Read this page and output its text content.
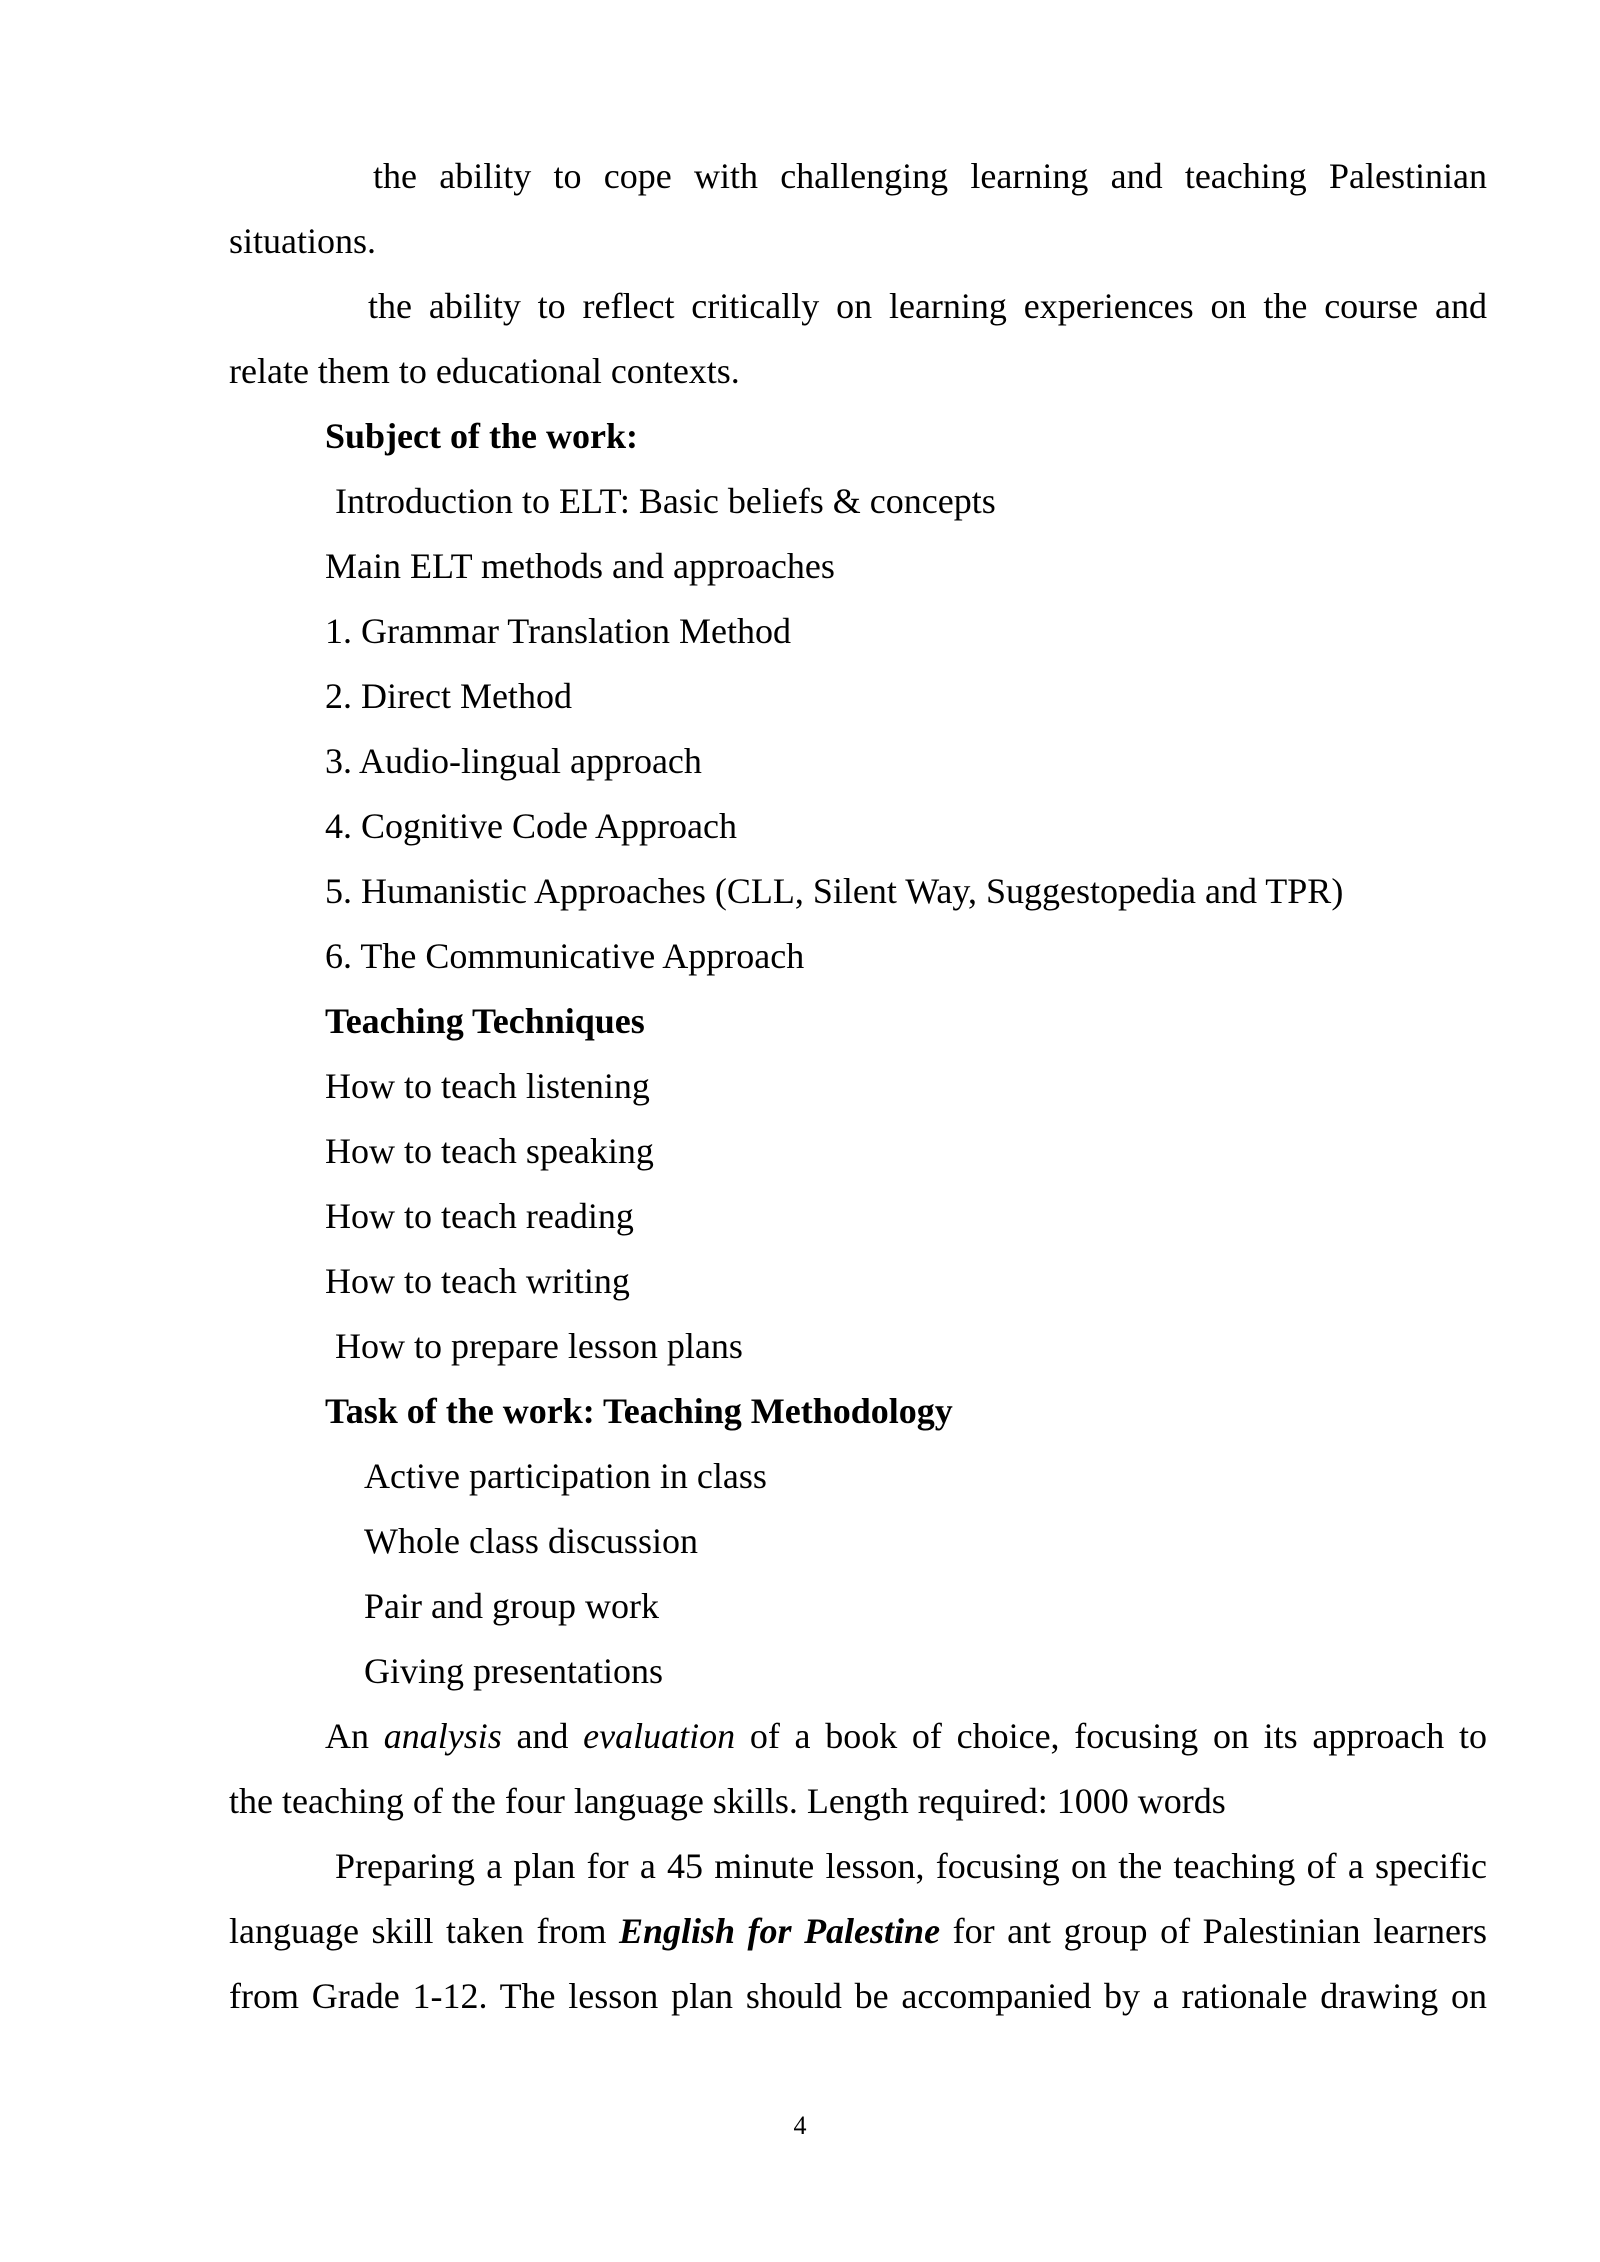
the ability to cope with challenging learning and teaching Palestinian
situations.
the ability to reflect critically on learning experiences on the course and
relate them to educational contexts.
Subject of the work:
Introduction to ELT: Basic beliefs & concepts
Main ELT methods and approaches
1. Grammar Translation Method
2. Direct Method
3. Audio-lingual approach
4. Cognitive Code Approach
5. Humanistic Approaches (CLL, Silent Way, Suggestopedia and TPR)
6. The Communicative Approach
Teaching Techniques
How to teach listening
How to teach speaking
How to teach reading
How to teach writing
How to prepare lesson plans
Task of the work: Teaching Methodology
Active participation in class
Whole class discussion
Pair and group work
Giving presentations
An analysis and evaluation of a book of choice, focusing on its approach to
the teaching of the four language skills. Length required: 1000 words
Preparing a plan for a 45 minute lesson, focusing on the teaching of a specific
language skill taken from English for Palestine for ant group of Palestinian learners
from Grade 1-12. The lesson plan should be accompanied by a rationale drawing on
4
